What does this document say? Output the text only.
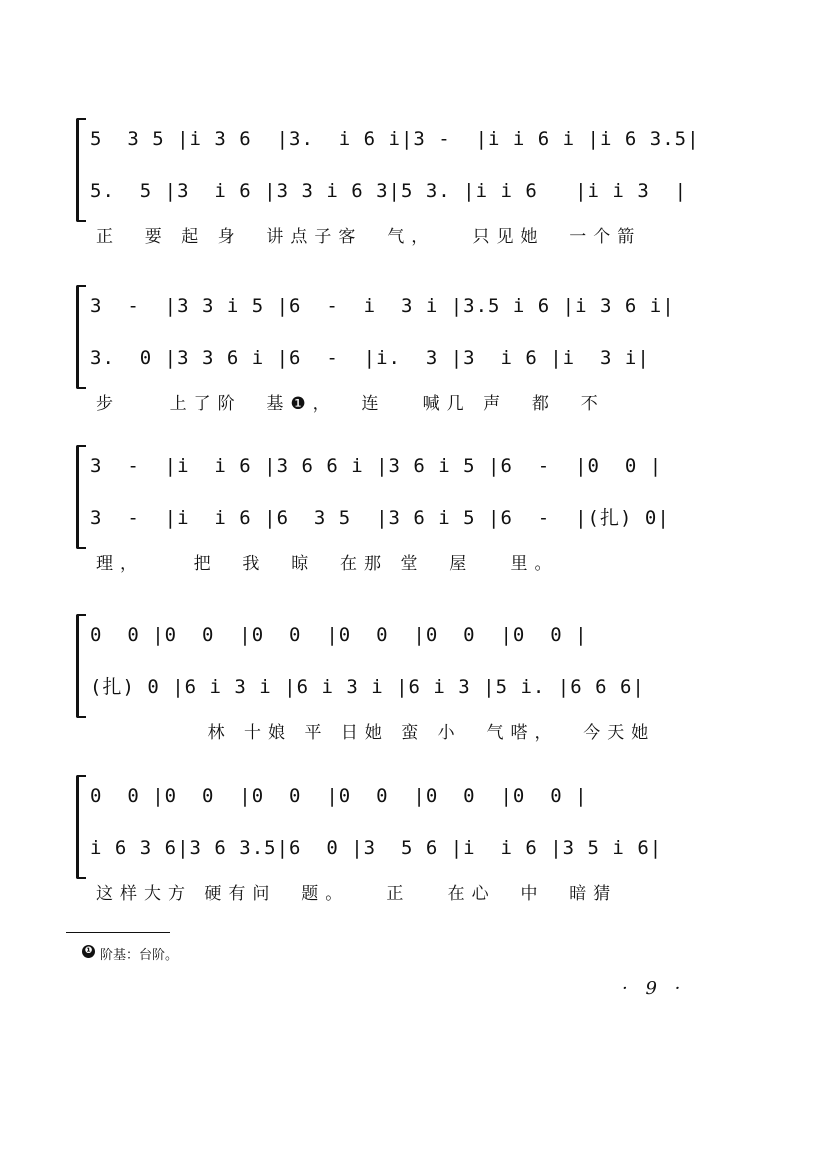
5  3 5 |i 3 6  |3.  i 6 i|3 -  |i i 6 i |i 6 3.5|
5.  5 |3  i 6 |3 3 i 6 3|5 3. |i i 6   |i i 3  |
正  要 起 身  讲点子客  气，   只见她  一个箭
3  -  |3 3 i 5 |6  -  i  3 i |3.5 i 6 |i 3 6 i|
3.  0 |3 3 6 i |6  -  |i.  3 |3  i 6 |i  3 i|
步    上了阶  基❶，  连   喊几 声  都  不
3  -  |i  i 6 |3 6 6 i |3 6 i 5 |6  -  |0  0 |
3  -  |i  i 6 |6  3 5  |3 6 i 5 |6  -  |(扎) 0|
理，    把  我  晾  在那 堂  屋   里。
0  0 |0  0  |0  0  |0  0  |0  0  |0  0 |
(扎) 0 |6 i 3 i |6 i 3 i |6 i 3 |5 i. |6 6 6|
林 十娘 平 日她 蛮 小  气嗒，  今天她
0  0 |0  0  |0  0  |0  0  |0  0  |0  0 |
i 6 3 6|3 6 3.5|6  0 |3  5 6 |i  i 6 |3 5 i 6|
这样大方 硬有问  题。   正   在心  中  暗猜
❶ 阶基：台阶。
· 9 ·
